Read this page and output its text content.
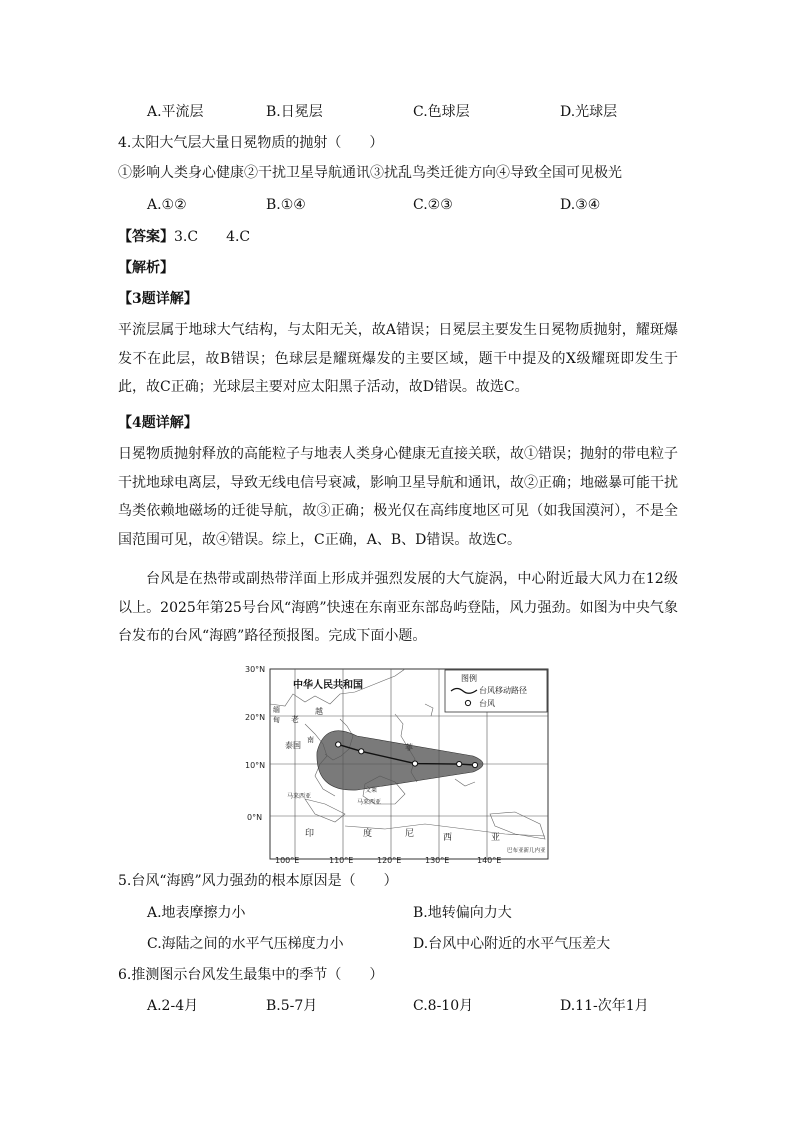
A.平流层	B.日冕层	C.色球层	D.光球层
4.太阳大气层大量日冕物质的抛射（　　）
①影响人类身心健康②干扰卫星导航通讯③扰乱鸟类迁徙方向④导致全国可见极光
A.①②	B.①④	C.②③	D.③④
【答案】3.C　　4.C
【解析】
【3题详解】
平流层属于地球大气结构，与太阳无关，故A错误；日冕层主要发生日冕物质抛射，耀斑爆发不在此层，故B错误；色球层是耀斑爆发的主要区域，题干中提及的X级耀斑即发生于此，故C正确；光球层主要对应太阳黑子活动，故D错误。故选C。
【4题详解】
日冕物质抛射释放的高能粒子与地表人类身心健康无直接关联，故①错误；抛射的带电粒子干扰地球电离层，导致无线电信号衰减，影响卫星导航和通讯，故②正确；地磁暴可能干扰鸟类依赖地磁场的迁徙导航，故③正确；极光仅在高纬度地区可见（如我国漠河），不是全国范围可见，故④错误。综上，C正确，A、B、D错误。故选C。
台风是在热带或副热带洋面上形成并强烈发展的大气旋涡，中心附近最大风力在12级以上。2025年第25号台风“海鸥”快速在东南亚东部岛屿登陆，风力强劲。如图为中央气象台发布的台风“海鸥”路径预报图。完成下面小题。
30°N
20°N
10°N
0°N
中华人民共和国
图例
台风移动路径
台风
缅
甸 老
越
泰国
南
菲
马来西亚
文莱
马来西亚
印	度	尼	西	亚
巴布亚新几内亚
100°E	110°E	120°E	130°E	140°E
5.台风“海鸥”风力强劲的根本原因是（　　）
A.地表摩擦力小	B.地转偏向力大
C.海陆之间的水平气压梯度力小	D.台风中心附近的水平气压差大
6.推测图示台风发生最集中的季节（　　）
A.2-4月	B.5-7月	C.8-10月	D.11-次年1月
